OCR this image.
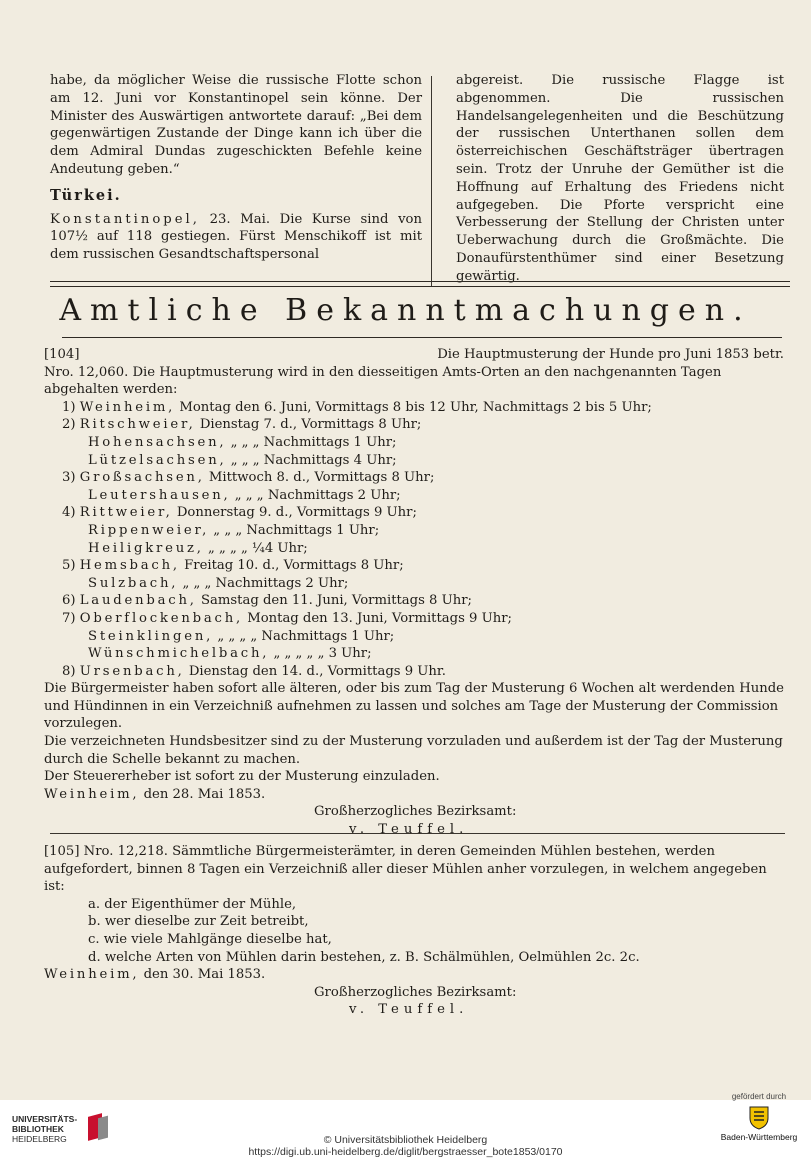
habe, da möglicher Weise die russische Flotte schon am 12. Juni vor Konstantinopel sein könne. Der Minister des Auswärtigen antwortete darauf: „Bei dem gegenwärtigen Zustande der Dinge kann ich über die dem Admiral Dundas zugeschickten Befehle keine Andeutung geben.“

Türkei.

Konstantinopel, 23. Mai. Die Kurse sind von 107½ auf 118 gestiegen. Fürst Menschikoff ist mit dem russischen Gesandtschaftspersonal

abgereist. Die russische Flagge ist abgenommen. Die russischen Handelsangelegenheiten und die Beschützung der russischen Unterthanen sollen dem österreichischen Geschäftsträger übertragen sein. Trotz der Unruhe der Gemüther ist die Hoffnung auf Erhaltung des Friedens nicht aufgegeben. Die Pforte verspricht eine Verbesserung der Stellung der Christen unter Ueberwachung durch die Großmächte. Die Donaufürstenthümer sind einer Besetzung gewärtig.

Amtliche Bekanntmachungen.
[104]	Die Hauptmusterung der Hunde pro Juni 1853 betr.

Nro. 12,060. Die Hauptmusterung wird in den diesseitigen Amts-Orten an den nachgenannten Tagen abgehalten werden:

1) Weinheim, Montag den 6. Juni, Vormittags 8 bis 12 Uhr, Nachmittags 2 bis 5 Uhr;
2) Ritschweier, Dienstag 7. d., Vormittags 8 Uhr;
Hohensachsen, „ „ „ Nachmittags 1 Uhr;
Lützelsachsen, „ „ „ Nachmittags 4 Uhr;
3) Großsachsen, Mittwoch 8. d., Vormittags 8 Uhr;
Leutershausen, „ „ „ Nachmittags 2 Uhr;
4) Rittweier, Donnerstag 9. d., Vormittags 9 Uhr;
Rippenweier, „ „ „ Nachmittags 1 Uhr;
Heiligkreuz, „ „ „ „ ¼4 Uhr;
5) Hemsbach, Freitag 10. d., Vormittags 8 Uhr;
Sulzbach, „ „ „ Nachmittags 2 Uhr;
6) Laudenbach, Samstag den 11. Juni, Vormittags 8 Uhr;
7) Oberflockenbach, Montag den 13. Juni, Vormittags 9 Uhr;
Steinklingen, „ „ „ „ Nachmittags 1 Uhr;
Wünschmichelbach, „ „ „ „ „ 3 Uhr;
8) Ursenbach, Dienstag den 14. d., Vormittags 9 Uhr.

Die Bürgermeister haben sofort alle älteren, oder bis zum Tag der Musterung 6 Wochen alt werdenden Hunde und Hündinnen in ein Verzeichniß aufnehmen zu lassen und solches am Tage der Musterung der Commission vorzulegen.

Die verzeichneten Hundsbesitzer sind zu der Musterung vorzuladen und außerdem ist der Tag der Musterung durch die Schelle bekannt zu machen.

Der Steuererheber ist sofort zu der Musterung einzuladen.

Weinheim, den 28. Mai 1853.

Großherzogliches Bezirksamt:

v. Teuffel.

[105] Nro. 12,218. Sämmtliche Bürgermeisterämter, in deren Gemeinden Mühlen bestehen, werden aufgefordert, binnen 8 Tagen ein Verzeichniß aller dieser Mühlen anher vorzulegen, in welchem angegeben ist:

a. der Eigenthümer der Mühle,
b. wer dieselbe zur Zeit betreibt,
c. wie viele Mahlgänge dieselbe hat,
d. welche Arten von Mühlen darin bestehen, z. B. Schälmühlen, Oelmühlen 2c. 2c.

Weinheim, den 30. Mai 1853.

Großherzogliches Bezirksamt:

v. Teuffel.

UNIVERSITÄTS-
BIBLIOTHEK
HEIDELBERG	© Universitätsbibliothek Heidelberg
https://digi.ub.uni-heidelberg.de/diglit/bergstraesser_bote1853/0170
gefördert durch
Baden-Württemberg
